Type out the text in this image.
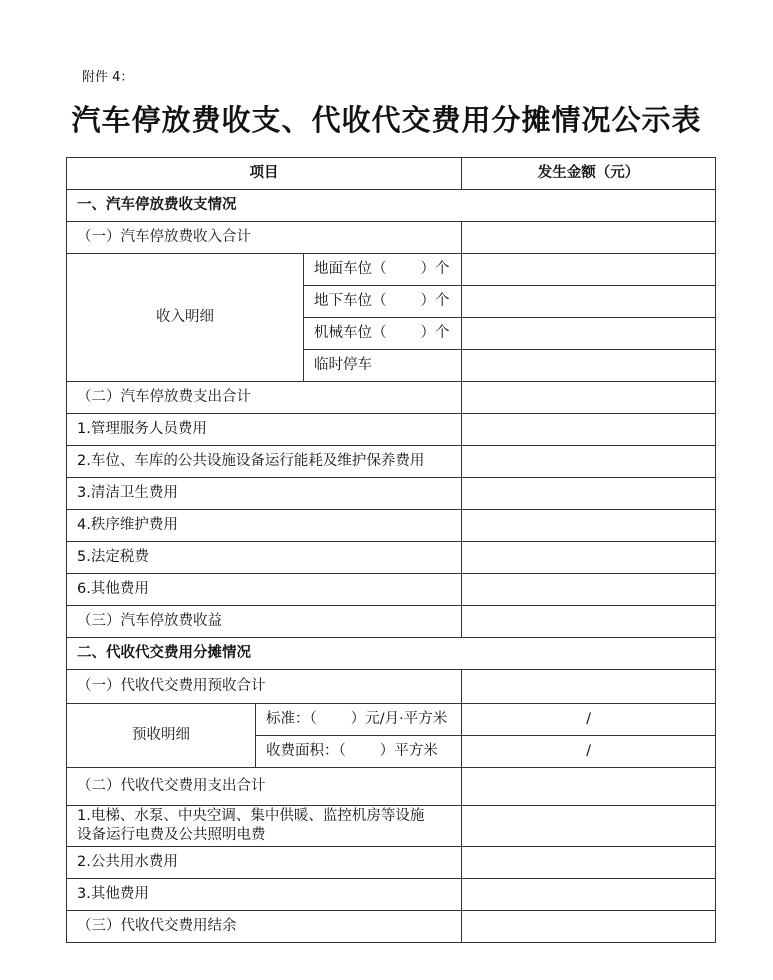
附件 4：
汽车停放费收支、代收代交费用分摊情况公示表
项目			发生金额（元）
一、汽车停放费收支情况			
（一）汽车停放费收入合计			
收入明细		地面车位（ ）个	
		地下车位（ ）个	
		机械车位（ ）个	
		临时停车	
（二）汽车停放费支出合计			
1.管理服务人员费用			
2.车位、车库的公共设施设备运行能耗及维护保养费用			
3.清洁卫生费用			
4.秩序维护费用			
5.法定税费			
6.其他费用			
（三）汽车停放费收益			
二、代收代交费用分摊情况			
（一）代收代交费用预收合计			
预收明细	标准：（ ）元/月·平方米		/
	收费面积：（ ）平方米		/
（二）代收代交费用支出合计			
1.电梯、水泵、中央空调、集中供暖、监控机房等设施
设备运行电费及公共照明电费			
2.公共用水费用			
3.其他费用			
（三）代收代交费用结余			
